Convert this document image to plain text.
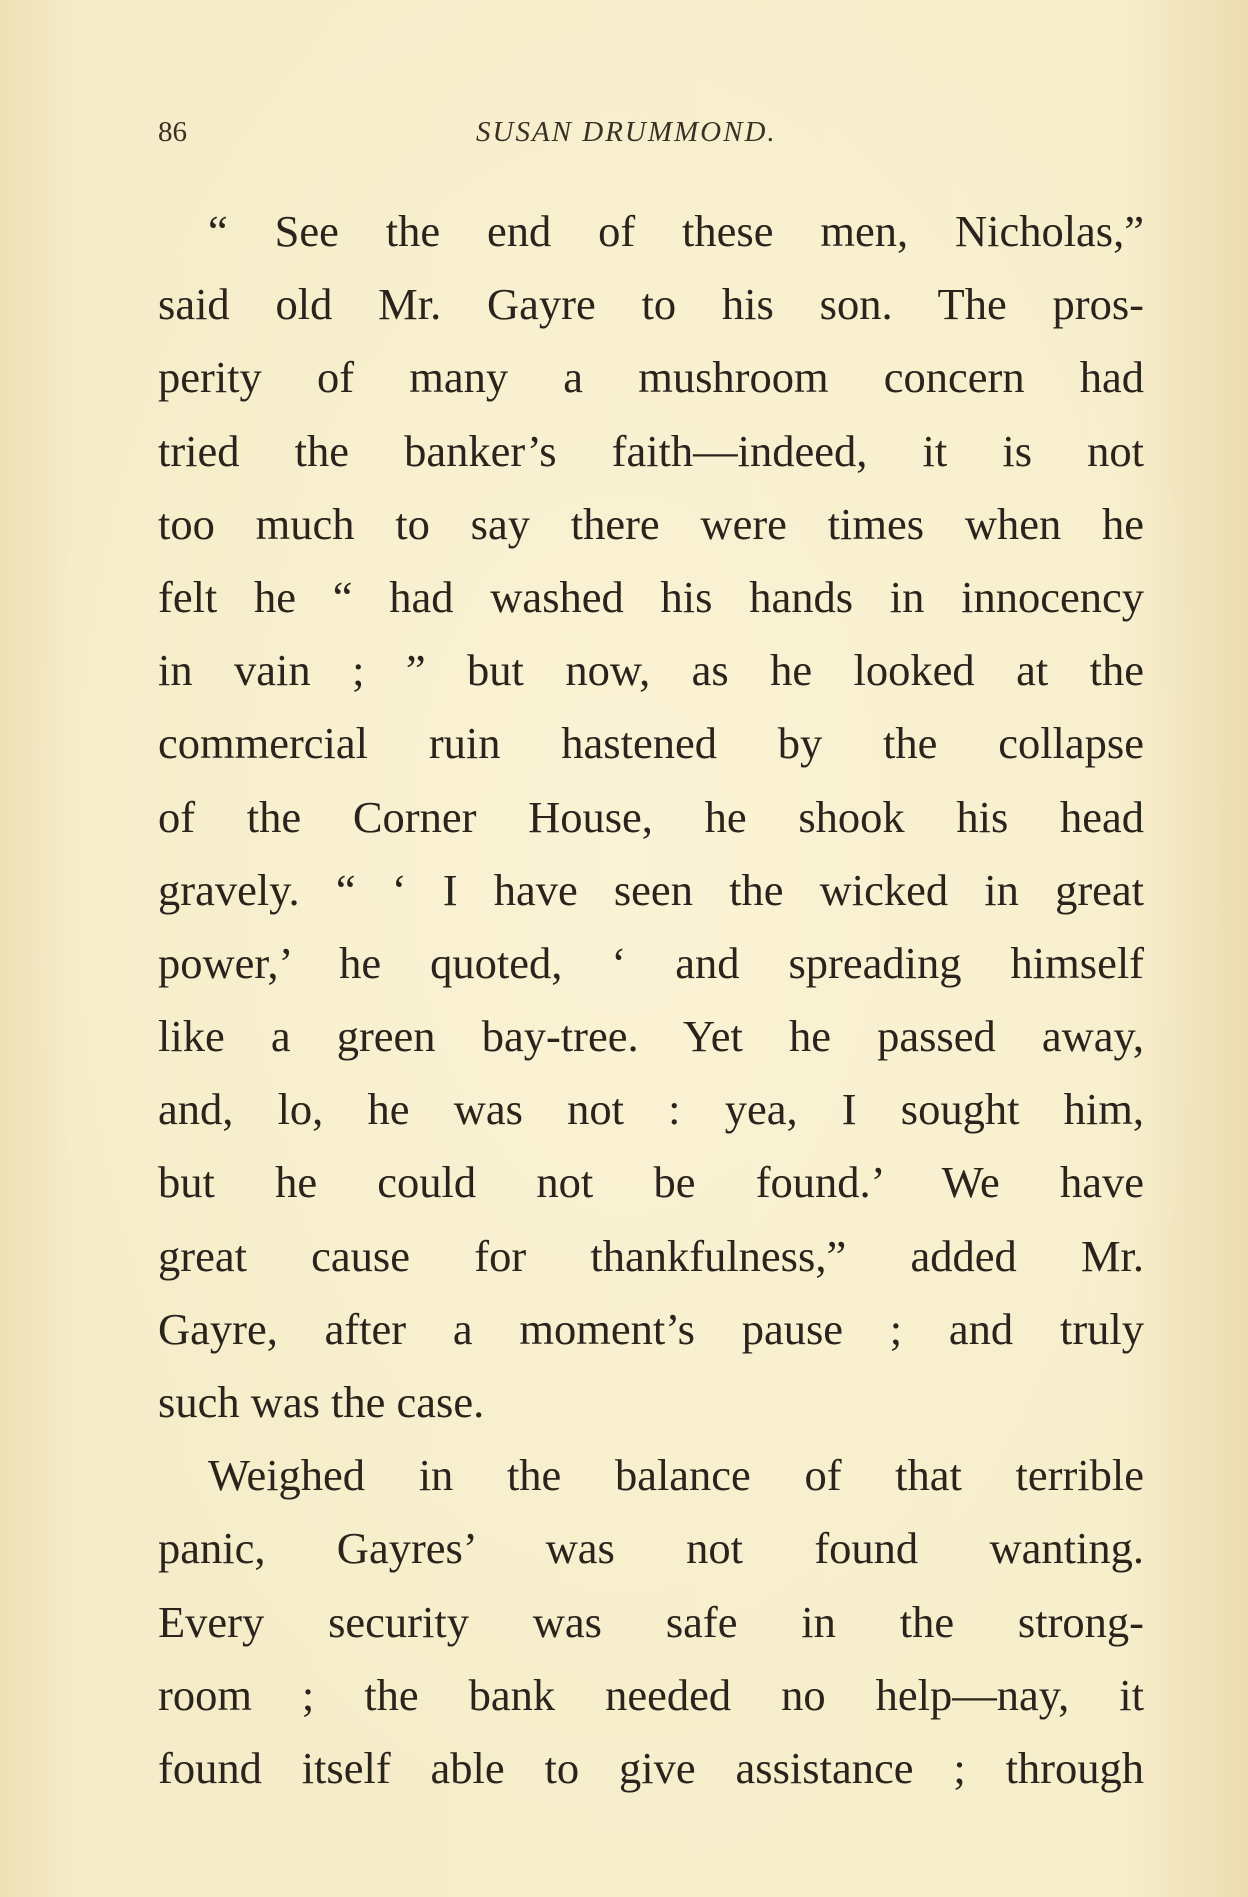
86	SUSAN DRUMMOND.
“ See the end of these men, Nicholas,”
said old Mr. Gayre to his son. The pros-
perity of many a mushroom concern had
tried the banker’s faith—indeed, it is not
too much to say there were times when he
felt he “ had washed his hands in innocency
in vain ; ” but now, as he looked at the
commercial ruin hastened by the collapse
of the Corner House, he shook his head
gravely. “ ‘ I have seen the wicked in great
power,’ he quoted, ‘ and spreading himself
like a green bay-tree. Yet he passed away,
and, lo, he was not : yea, I sought him,
but he could not be found.’ We have
great cause for thankfulness,” added Mr.
Gayre, after a moment’s pause ; and truly
such was the case.
Weighed in the balance of that terrible
panic, Gayres’ was not found wanting.
Every security was safe in the strong-
room ; the bank needed no help—nay, it
found itself able to give assistance ; through
